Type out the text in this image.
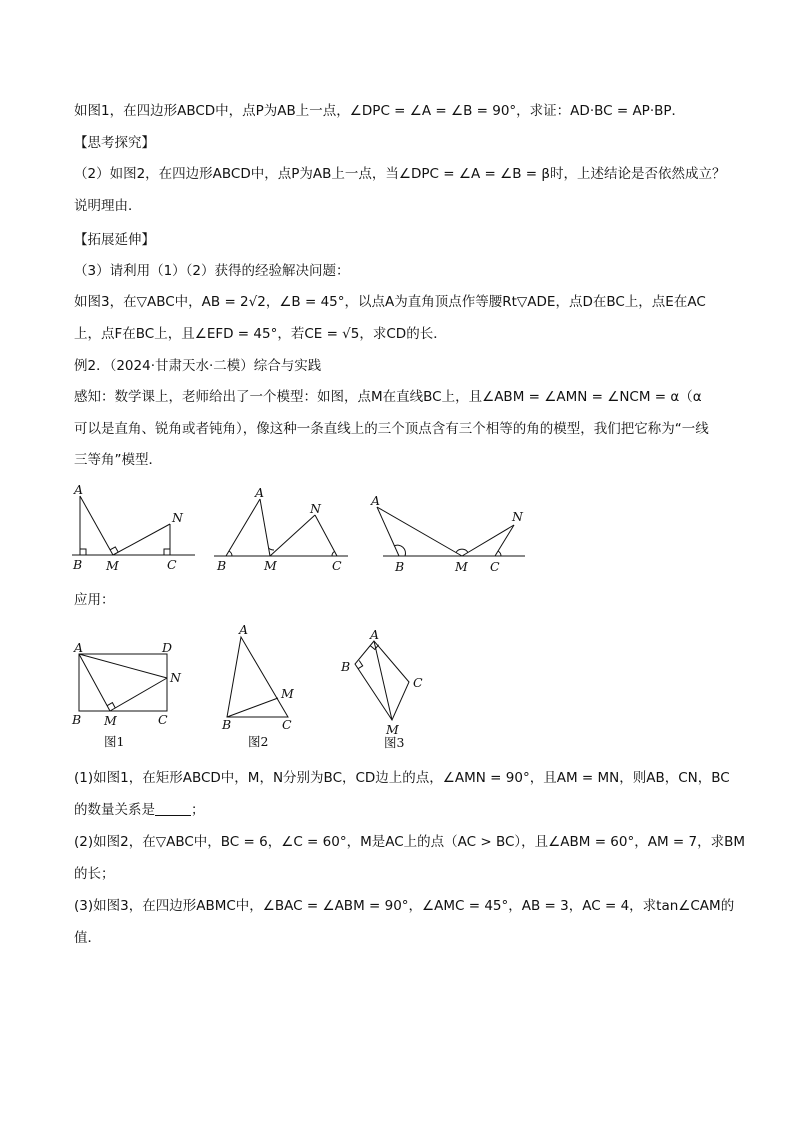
如图1，在四边形ABCD中，点P为AB上一点，∠DPC = ∠A = ∠B = 90°，求证：AD·BC = AP·BP．
【思考探究】
（2）如图2，在四边形ABCD中，点P为AB上一点，当∠DPC = ∠A = ∠B = β时，上述结论是否依然成立？
说明理由．
【拓展延伸】
（3）请利用（1）（2）获得的经验解决问题：
如图3，在▽ABC中，AB = 2√2，∠B = 45°，以点A为直角顶点作等腰Rt▽ADE，点D在BC上，点E在AC
上，点F在BC上，且∠EFD = 45°，若CE = √5，求CD的长．
例2．（2024·甘肃天水·二模）综合与实践
感知：数学课上，老师给出了一个模型：如图，点M在直线BC上，且∠ABM = ∠AMN = ∠NCM = α（α
可以是直角、锐角或者钝角），像这种一条直线上的三个顶点含有三个相等的角的模型，我们把它称为“一线
三等角”模型．
应用：
A
B M	C
N
A
B	M	C
N
A
B	M C
N
A	D
B M	C
N
图1
A
M
B	C
图2
A
B
C
M
图3
(1)如图1，在矩形ABCD中，M，N分别为BC，CD边上的点，∠AMN = 90°，且AM = MN，则AB，CN，BC
的数量关系是	；
(2)如图2，在▽ABC中，BC = 6，∠C = 60°，M是AC上的点（AC > BC），且∠ABM = 60°，AM = 7，求BM
的长；
(3)如图3，在四边形ABMC中，∠BAC = ∠ABM = 90°，∠AMC = 45°，AB = 3，AC = 4，求tan∠CAM的
值．
